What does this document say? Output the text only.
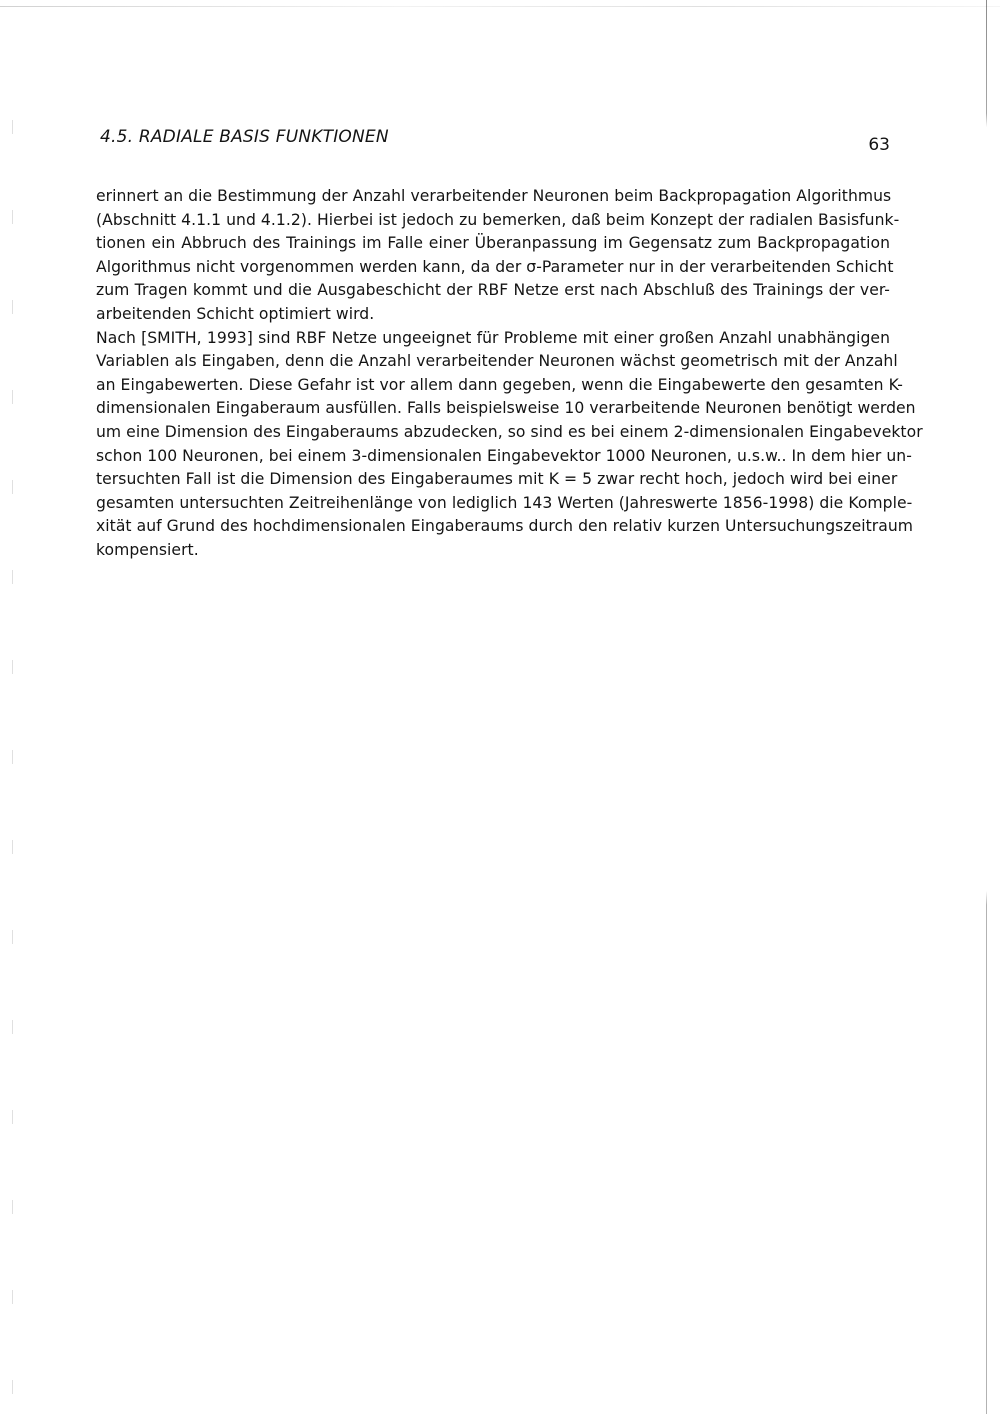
4.5. RADIALE BASIS FUNKTIONEN	63
erinnert an die Bestimmung der Anzahl verarbeitender Neuronen beim Backpropagation Algorithmus
(Abschnitt 4.1.1 und 4.1.2). Hierbei ist jedoch zu bemerken, daß beim Konzept der radialen Basisfunk-
tionen ein Abbruch des Trainings im Falle einer Überanpassung im Gegensatz zum Backpropagation
Algorithmus nicht vorgenommen werden kann, da der σ-Parameter nur in der verarbeitenden Schicht
zum Tragen kommt und die Ausgabeschicht der RBF Netze erst nach Abschluß des Trainings der ver-
arbeitenden Schicht optimiert wird.
Nach [SMITH, 1993] sind RBF Netze ungeeignet für Probleme mit einer großen Anzahl unabhängigen
Variablen als Eingaben, denn die Anzahl verarbeitender Neuronen wächst geometrisch mit der Anzahl
an Eingabewerten. Diese Gefahr ist vor allem dann gegeben, wenn die Eingabewerte den gesamten K-
dimensionalen Eingaberaum ausfüllen. Falls beispielsweise 10 verarbeitende Neuronen benötigt werden
um eine Dimension des Eingaberaums abzudecken, so sind es bei einem 2-dimensionalen Eingabevektor
schon 100 Neuronen, bei einem 3-dimensionalen Eingabevektor 1000 Neuronen, u.s.w.. In dem hier un-
tersuchten Fall ist die Dimension des Eingaberaumes mit K = 5 zwar recht hoch, jedoch wird bei einer
gesamten untersuchten Zeitreihenlänge von lediglich 143 Werten (Jahreswerte 1856-1998) die Komple-
xität auf Grund des hochdimensionalen Eingaberaums durch den relativ kurzen Untersuchungszeitraum
kompensiert.
